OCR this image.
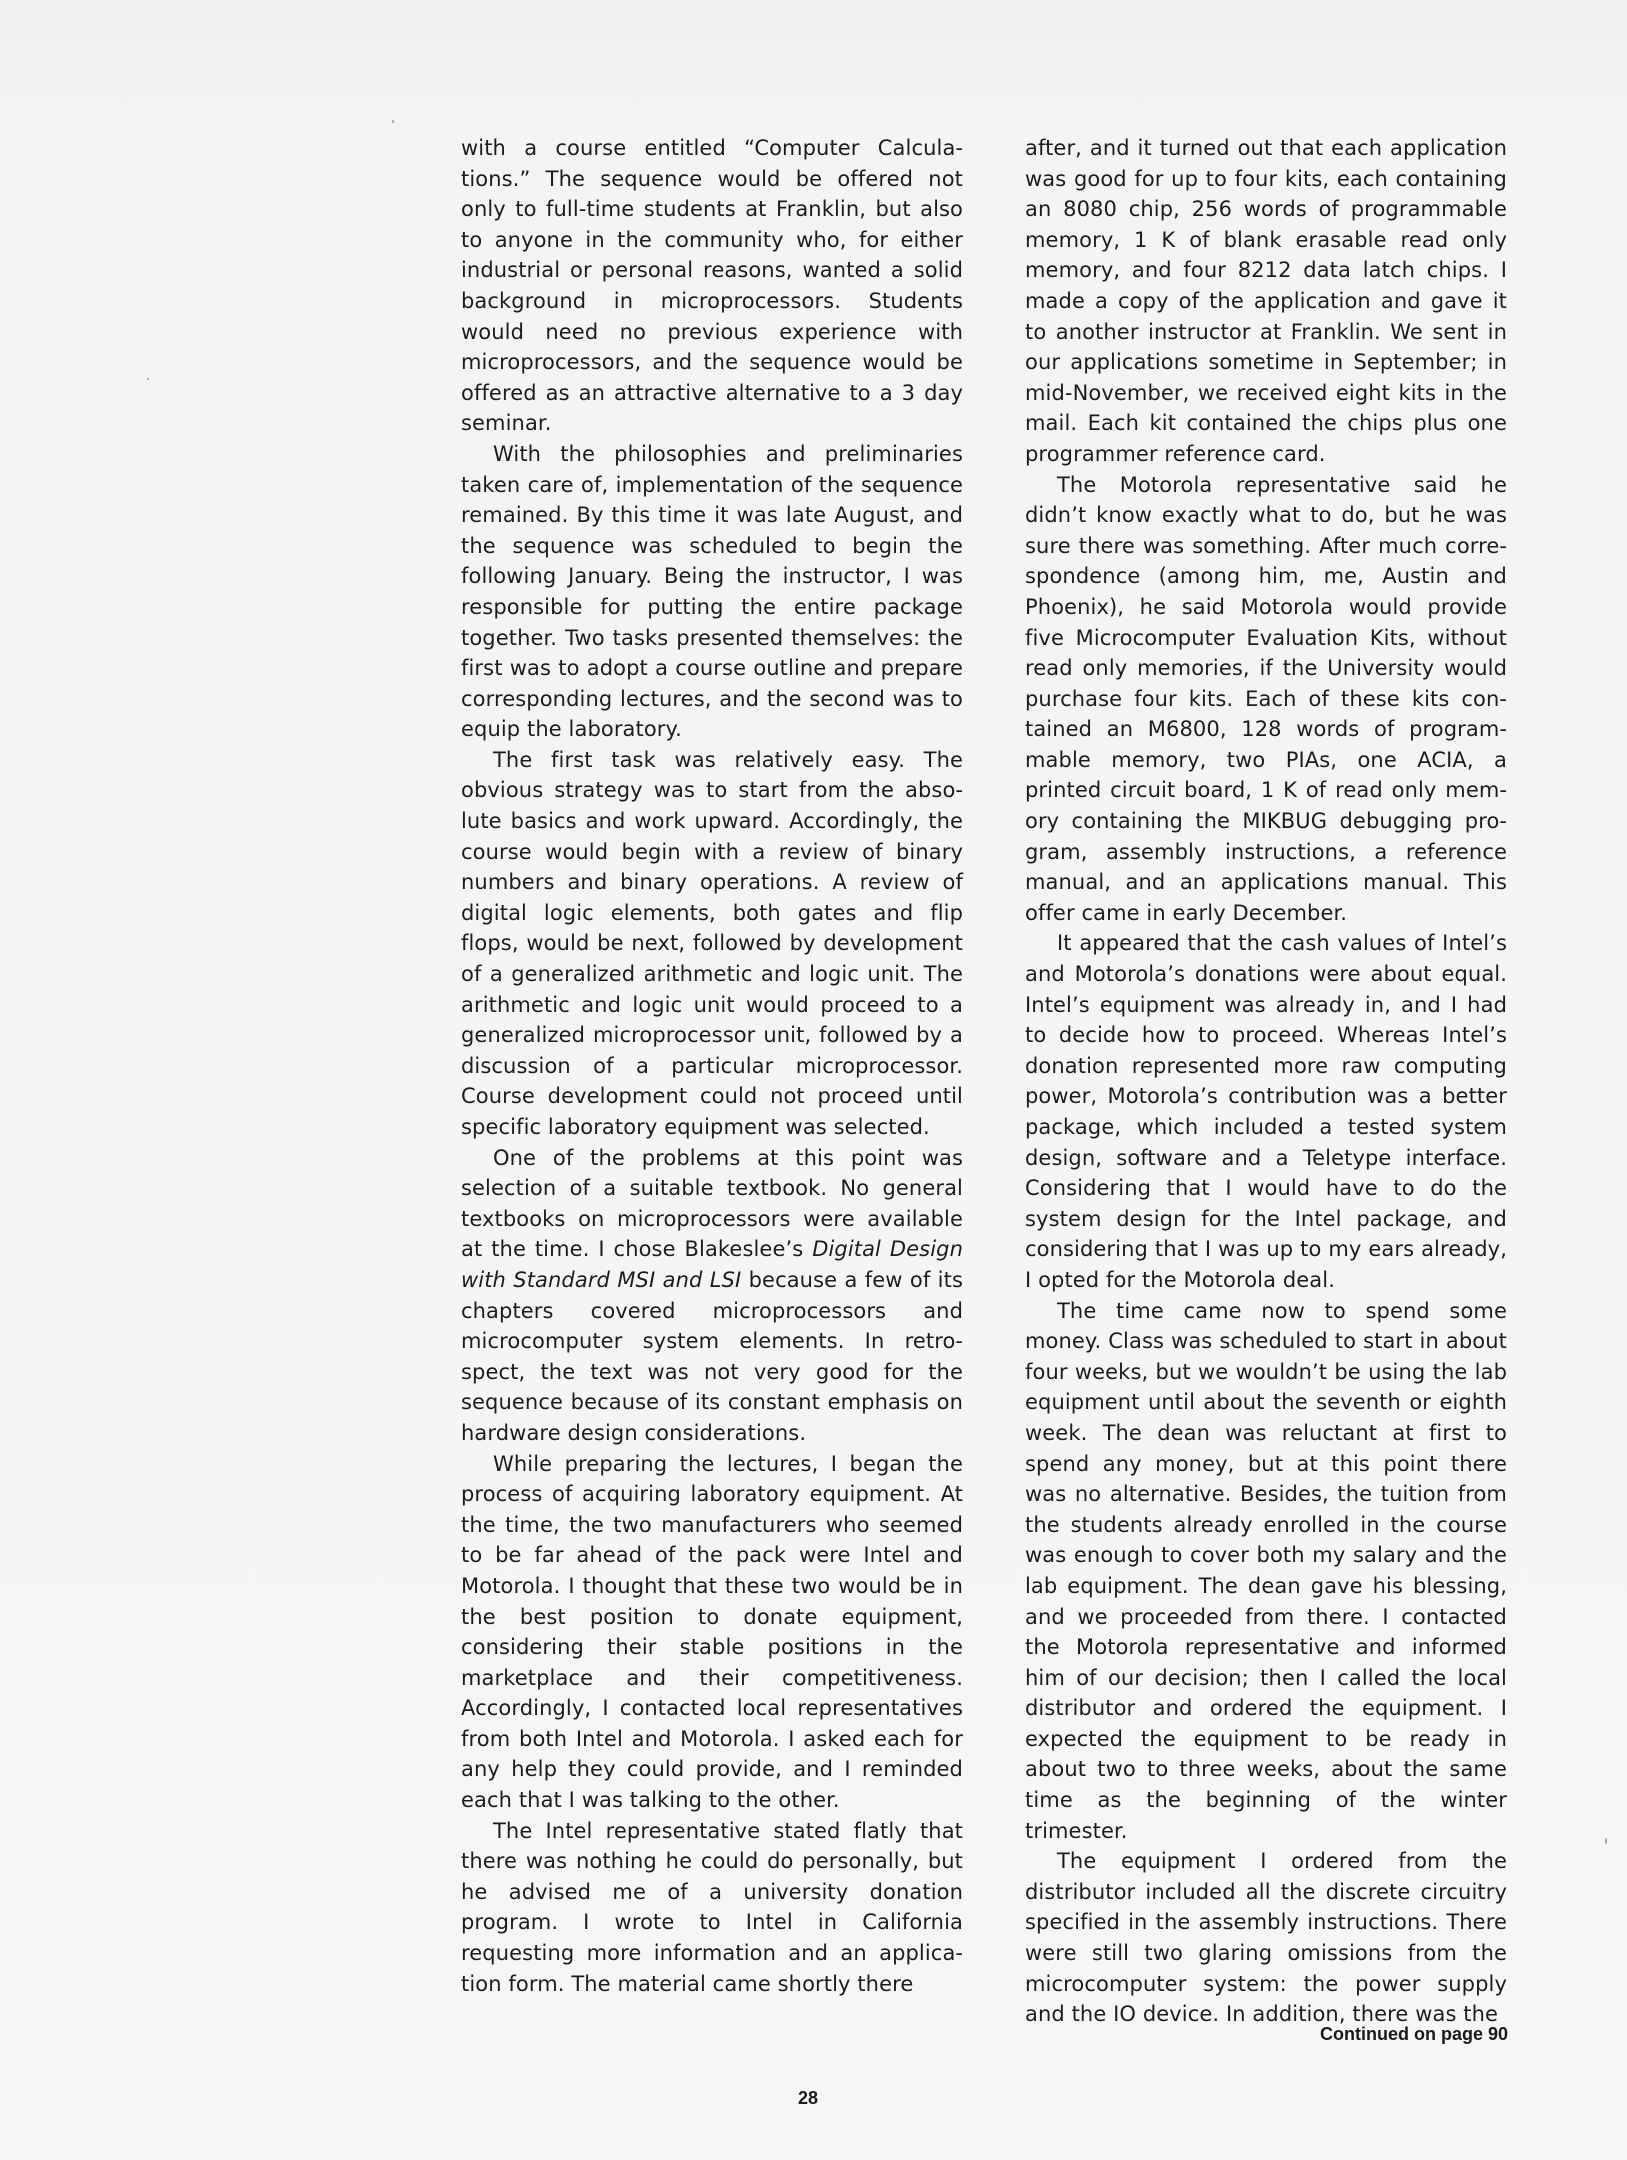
with a course entitled “Computer Calculations.” The sequence would be offered not only to full-time students at Franklin, but also to anyone in the community who, for either industrial or personal reasons, wanted a solid background in microprocessors. Students would need no previous experience with microprocessors, and the sequence would be offered as an attractive alternative to a 3 day seminar.

With the philosophies and preliminaries taken care of, implementation of the sequence remained. By this time it was late August, and the sequence was scheduled to begin the following January. Being the instructor, I was responsible for putting the entire package together. Two tasks presented themselves: the first was to adopt a course outline and prepare corresponding lectures, and the second was to equip the laboratory.

The first task was relatively easy. The obvious strategy was to start from the absolute basics and work upward. Accordingly, the course would begin with a review of binary numbers and binary operations. A review of digital logic elements, both gates and flip flops, would be next, followed by development of a generalized arithmetic and logic unit. The arithmetic and logic unit would proceed to a generalized microprocessor unit, followed by a discussion of a particular microprocessor. Course development could not proceed until specific laboratory equipment was selected.

One of the problems at this point was selection of a suitable textbook. No general textbooks on microprocessors were available at the time. I chose Blakeslee’s Digital Design with Standard MSI and LSI because a few of its chapters covered microprocessors and microcomputer system elements. In retrospect, the text was not very good for the sequence because of its constant emphasis on hardware design considerations.

While preparing the lectures, I began the process of acquiring laboratory equipment. At the time, the two manufacturers who seemed to be far ahead of the pack were Intel and Motorola. I thought that these two would be in the best position to donate equipment, considering their stable positions in the marketplace and their competitiveness. Accordingly, I contacted local representatives from both Intel and Motorola. I asked each for any help they could provide, and I reminded each that I was talking to the other.

The Intel representative stated flatly that there was nothing he could do personally, but he advised me of a university donation program. I wrote to Intel in California requesting more information and an application form. The material came shortly there

after, and it turned out that each application was good for up to four kits, each containing an 8080 chip, 256 words of programmable memory, 1 K of blank erasable read only memory, and four 8212 data latch chips. I made a copy of the application and gave it to another instructor at Franklin. We sent in our applications sometime in September; in mid-November, we received eight kits in the mail. Each kit contained the chips plus one programmer reference card.

The Motorola representative said he didn’t know exactly what to do, but he was sure there was something. After much correspondence (among him, me, Austin and Phoenix), he said Motorola would provide five Microcomputer Evaluation Kits, without read only memories, if the University would purchase four kits. Each of these kits contained an M6800, 128 words of programmable memory, two PIAs, one ACIA, a printed circuit board, 1 K of read only memory containing the MIKBUG debugging program, assembly instructions, a reference manual, and an applications manual. This offer came in early December.

It appeared that the cash values of Intel’s and Motorola’s donations were about equal. Intel’s equipment was already in, and I had to decide how to proceed. Whereas Intel’s donation represented more raw computing power, Motorola’s contribution was a better package, which included a tested system design, software and a Teletype interface. Considering that I would have to do the system design for the Intel package, and considering that I was up to my ears already, I opted for the Motorola deal.

The time came now to spend some money. Class was scheduled to start in about four weeks, but we wouldn’t be using the lab equipment until about the seventh or eighth week. The dean was reluctant at first to spend any money, but at this point there was no alternative. Besides, the tuition from the students already enrolled in the course was enough to cover both my salary and the lab equipment. The dean gave his blessing, and we proceeded from there. I contacted the Motorola representative and informed him of our decision; then I called the local distributor and ordered the equipment. I expected the equipment to be ready in about two to three weeks, about the same time as the beginning of the winter trimester.

The equipment I ordered from the distributor included all the discrete circuitry specified in the assembly instructions. There were still two glaring omissions from the microcomputer system: the power supply and the IO device. In addition, there was the

Continued on page 90
28
